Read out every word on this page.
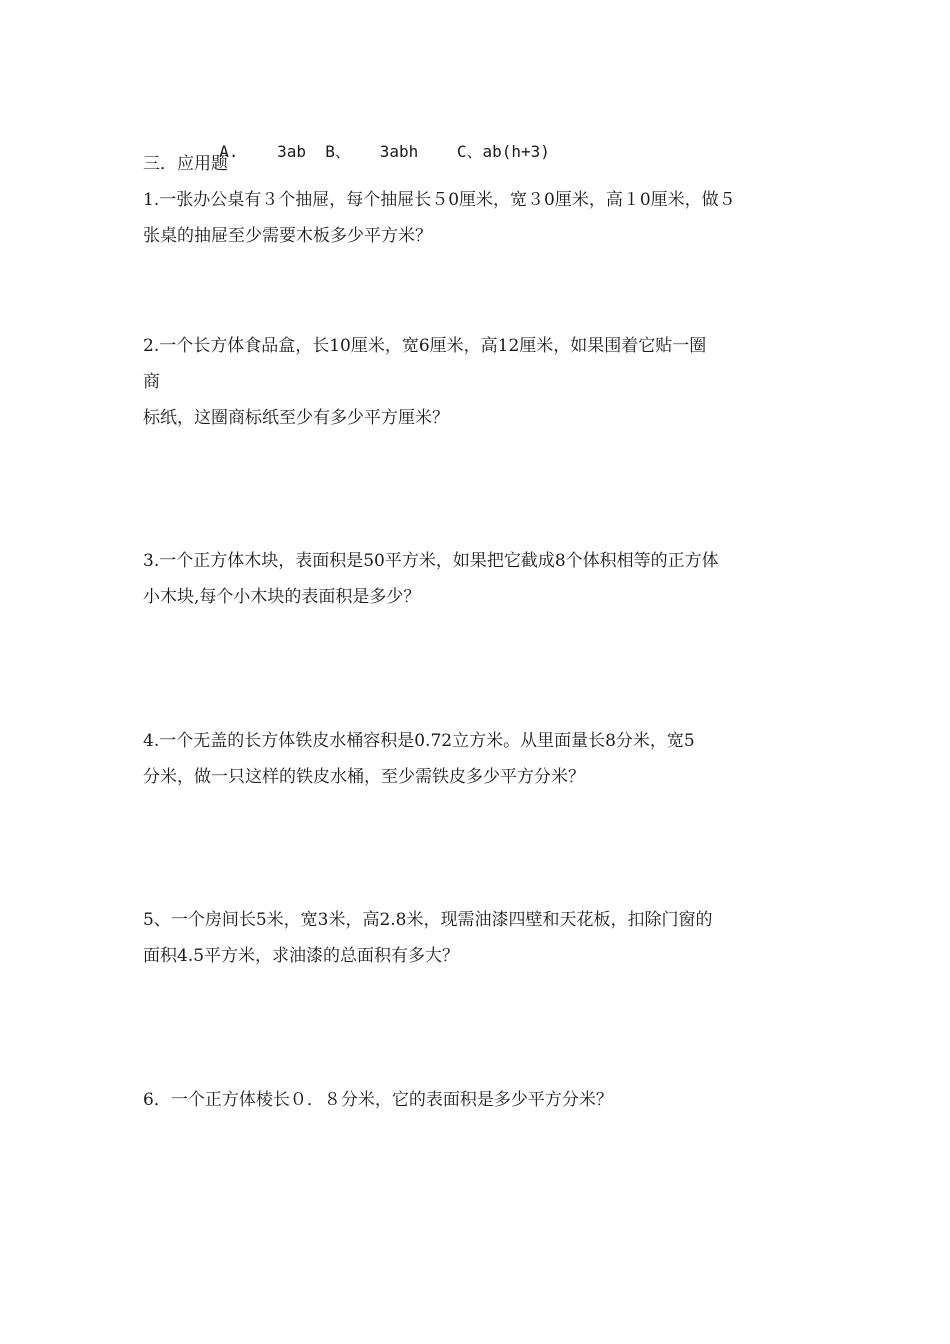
A. 3ab B、 3abh C、ab(h+3)

三．应用题
1.一张办公桌有３个抽屉，每个抽屉长５0厘米，宽３0厘米，高１0厘米，做５
张桌的抽屉至少需要木板多少平方米？
2.一个长方体食品盒，长10厘米，宽6厘米，高12厘米，如果围着它贴一圈
商
标纸，这圈商标纸至少有多少平方厘米？
3.一个正方体木块，表面积是50平方米，如果把它截成8个体积相等的正方体
小木块,每个小木块的表面积是多少？
4.一个无盖的长方体铁皮水桶容积是0.72立方米。从里面量长8分米，宽5
分米，做一只这样的铁皮水桶，至少需铁皮多少平方分米？
5、一个房间长5米，宽3米，高2.8米，现需油漆四壁和天花板，扣除门窗的
面积4.5平方米，求油漆的总面积有多大？
6．一个正方体棱长０．８分米，它的表面积是多少平方分米？
